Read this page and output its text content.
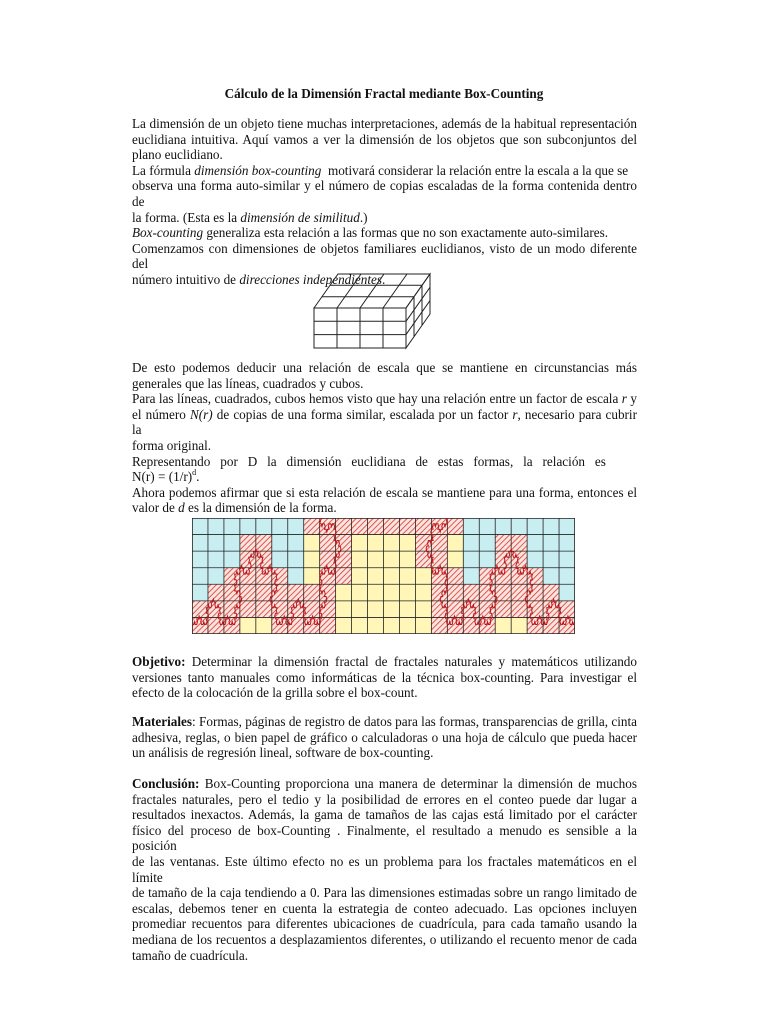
Cálculo de la Dimensión Fractal mediante Box-Counting
La dimensión de un objeto tiene muchas interpretaciones, además de la habitual representación
euclidiana intuitiva. Aquí vamos a ver la dimensión de los objetos que son subconjuntos del
plano euclidiano.
La fórmula dimensión box-counting  motivará considerar la relación entre la escala a la que se
observa una forma auto-similar y el número de copias escaladas de la forma contenida dentro de
la forma. (Esta es la dimensión de similitud.)
Box-counting generaliza esta relación a las formas que no son exactamente auto-similares.
Comenzamos con dimensiones de objetos familiares euclidianos, visto de un modo diferente del
número intuitivo de direcciones independientes.
De esto podemos deducir una relación de escala que se mantiene en circunstancias más
generales que las líneas, cuadrados y cubos.
Para las líneas, cuadrados, cubos hemos visto que hay una relación entre un factor de escala r y
el número N(r) de copias de una forma similar, escalada por un factor r, necesario para cubrir la
forma original.
Representando   por   D   la   dimensión   euclidiana   de   estas   formas,   la   relación   es
$N(r) = (1/r)^d$.
Ahora podemos afirmar que si esta relación de escala se mantiene para una forma, entonces el
valor de d es la dimensión de la forma.
Objetivo: Determinar la dimensión fractal de fractales naturales y matemáticos utilizando
versiones tanto manuales como informáticas de la técnica box-counting. Para investigar el
efecto de la colocación de la grilla sobre el box-count.
Materiales: Formas, páginas de registro de datos para las formas, transparencias de grilla, cinta
adhesiva, reglas, o bien papel de gráfico o calculadoras o una hoja de cálculo que pueda hacer
un análisis de regresión lineal, software de box-counting.
Conclusión: Box-Counting proporciona una manera de determinar la dimensión de muchos
fractales naturales, pero el tedio y la posibilidad de errores en el conteo puede dar lugar a
resultados inexactos. Además, la gama de tamaños de las cajas está limitado por el carácter
físico del proceso de box-Counting . Finalmente, el resultado a menudo es sensible a la posición
de las ventanas. Este último efecto no es un problema para los fractales matemáticos en el límite
de tamaño de la caja tendiendo a 0. Para las dimensiones estimadas sobre un rango limitado de
escalas, debemos tener en cuenta la estrategia de conteo adecuado. Las opciones incluyen
promediar recuentos para diferentes ubicaciones de cuadrícula, para cada tamaño usando la
mediana de los recuentos a desplazamientos diferentes, o utilizando el recuento menor de cada
tamaño de cuadrícula.
